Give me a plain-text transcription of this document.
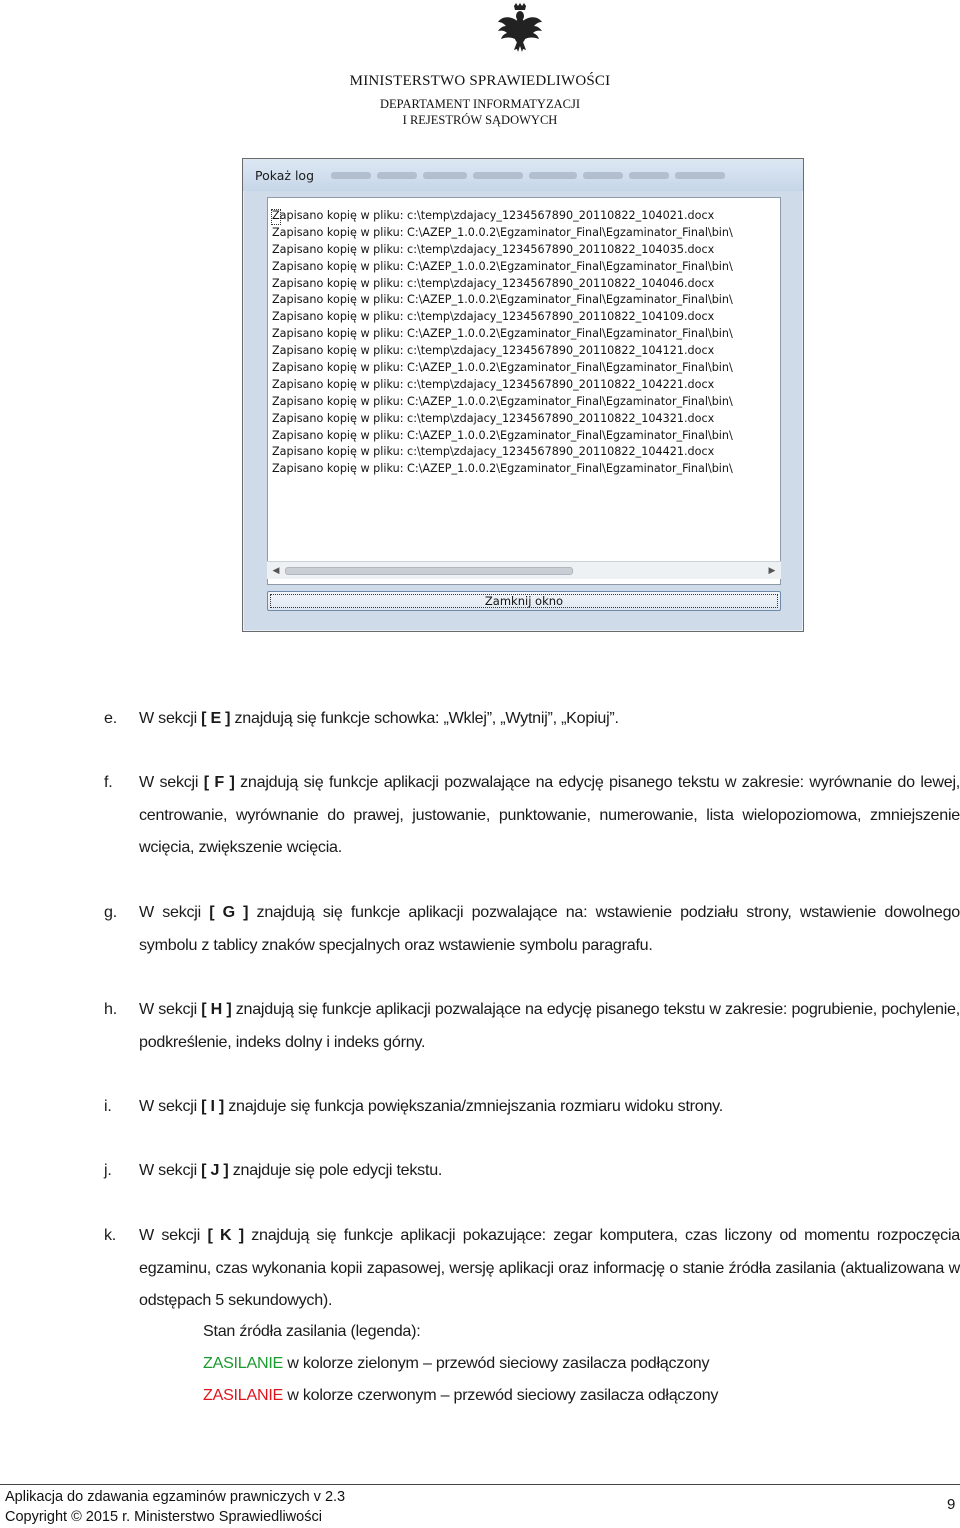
MINISTERSTWO SPRAWIEDLIWOŚCI
DEPARTAMENT INFORMATYZACJI
I REJESTRÓW SĄDOWYCH
Pokaż log
Zapisano kopię w pliku: c:\temp\zdajacy_1234567890_20110822_104021.docx
Zapisano kopię w pliku: C:\AZEP_1.0.0.2\Egzaminator_Final\Egzaminator_Final\bin\
Zapisano kopię w pliku: c:\temp\zdajacy_1234567890_20110822_104035.docx
Zapisano kopię w pliku: C:\AZEP_1.0.0.2\Egzaminator_Final\Egzaminator_Final\bin\
Zapisano kopię w pliku: c:\temp\zdajacy_1234567890_20110822_104046.docx
Zapisano kopię w pliku: C:\AZEP_1.0.0.2\Egzaminator_Final\Egzaminator_Final\bin\
Zapisano kopię w pliku: c:\temp\zdajacy_1234567890_20110822_104109.docx
Zapisano kopię w pliku: C:\AZEP_1.0.0.2\Egzaminator_Final\Egzaminator_Final\bin\
Zapisano kopię w pliku: c:\temp\zdajacy_1234567890_20110822_104121.docx
Zapisano kopię w pliku: C:\AZEP_1.0.0.2\Egzaminator_Final\Egzaminator_Final\bin\
Zapisano kopię w pliku: c:\temp\zdajacy_1234567890_20110822_104221.docx
Zapisano kopię w pliku: C:\AZEP_1.0.0.2\Egzaminator_Final\Egzaminator_Final\bin\
Zapisano kopię w pliku: c:\temp\zdajacy_1234567890_20110822_104321.docx
Zapisano kopię w pliku: C:\AZEP_1.0.0.2\Egzaminator_Final\Egzaminator_Final\bin\
Zapisano kopię w pliku: c:\temp\zdajacy_1234567890_20110822_104421.docx
Zapisano kopię w pliku: C:\AZEP_1.0.0.2\Egzaminator_Final\Egzaminator_Final\bin\
◀	▶
Zamknij okno
e. W sekcji [ E ] znajdują się funkcje schowka: „Wklej”, „Wytnij”, „Kopiuj”.
f. W sekcji [ F ] znajdują się funkcje aplikacji pozwalające na edycję pisanego tekstu w zakresie: wyrównanie do lewej, centrowanie, wyrównanie do prawej, justowanie, punktowanie, numerowanie, lista wielopoziomowa, zmniejszenie wcięcia, zwiększenie wcięcia.
g. W sekcji [ G ] znajdują się funkcje aplikacji pozwalające na: wstawienie podziału strony, wstawienie dowolnego symbolu z tablicy znaków specjalnych oraz wstawienie symbolu paragrafu.
h. W sekcji [ H ] znajdują się funkcje aplikacji pozwalające na edycję pisanego tekstu w zakresie: pogrubienie, pochylenie, podkreślenie, indeks dolny i indeks górny.
i. W sekcji [ I ] znajduje się funkcja powiększania/zmniejszania rozmiaru widoku strony.
j. W sekcji [ J ] znajduje się pole edycji tekstu.
k. W sekcji [ K ] znajdują się funkcje aplikacji pokazujące: zegar komputera, czas liczony od momentu rozpoczęcia egzaminu, czas wykonania kopii zapasowej, wersję aplikacji oraz informację o stanie źródła zasilania (aktualizowana w odstępach 5 sekundowych).
Stan źródła zasilania (legenda):
ZASILANIE w kolorze zielonym – przewód sieciowy zasilacza podłączony
ZASILANIE w kolorze czerwonym – przewód sieciowy zasilacza odłączony
Aplikacja do zdawania egzaminów prawniczych v 2.3
Copyright © 2015 r. Ministerstwo Sprawiedliwości
9
